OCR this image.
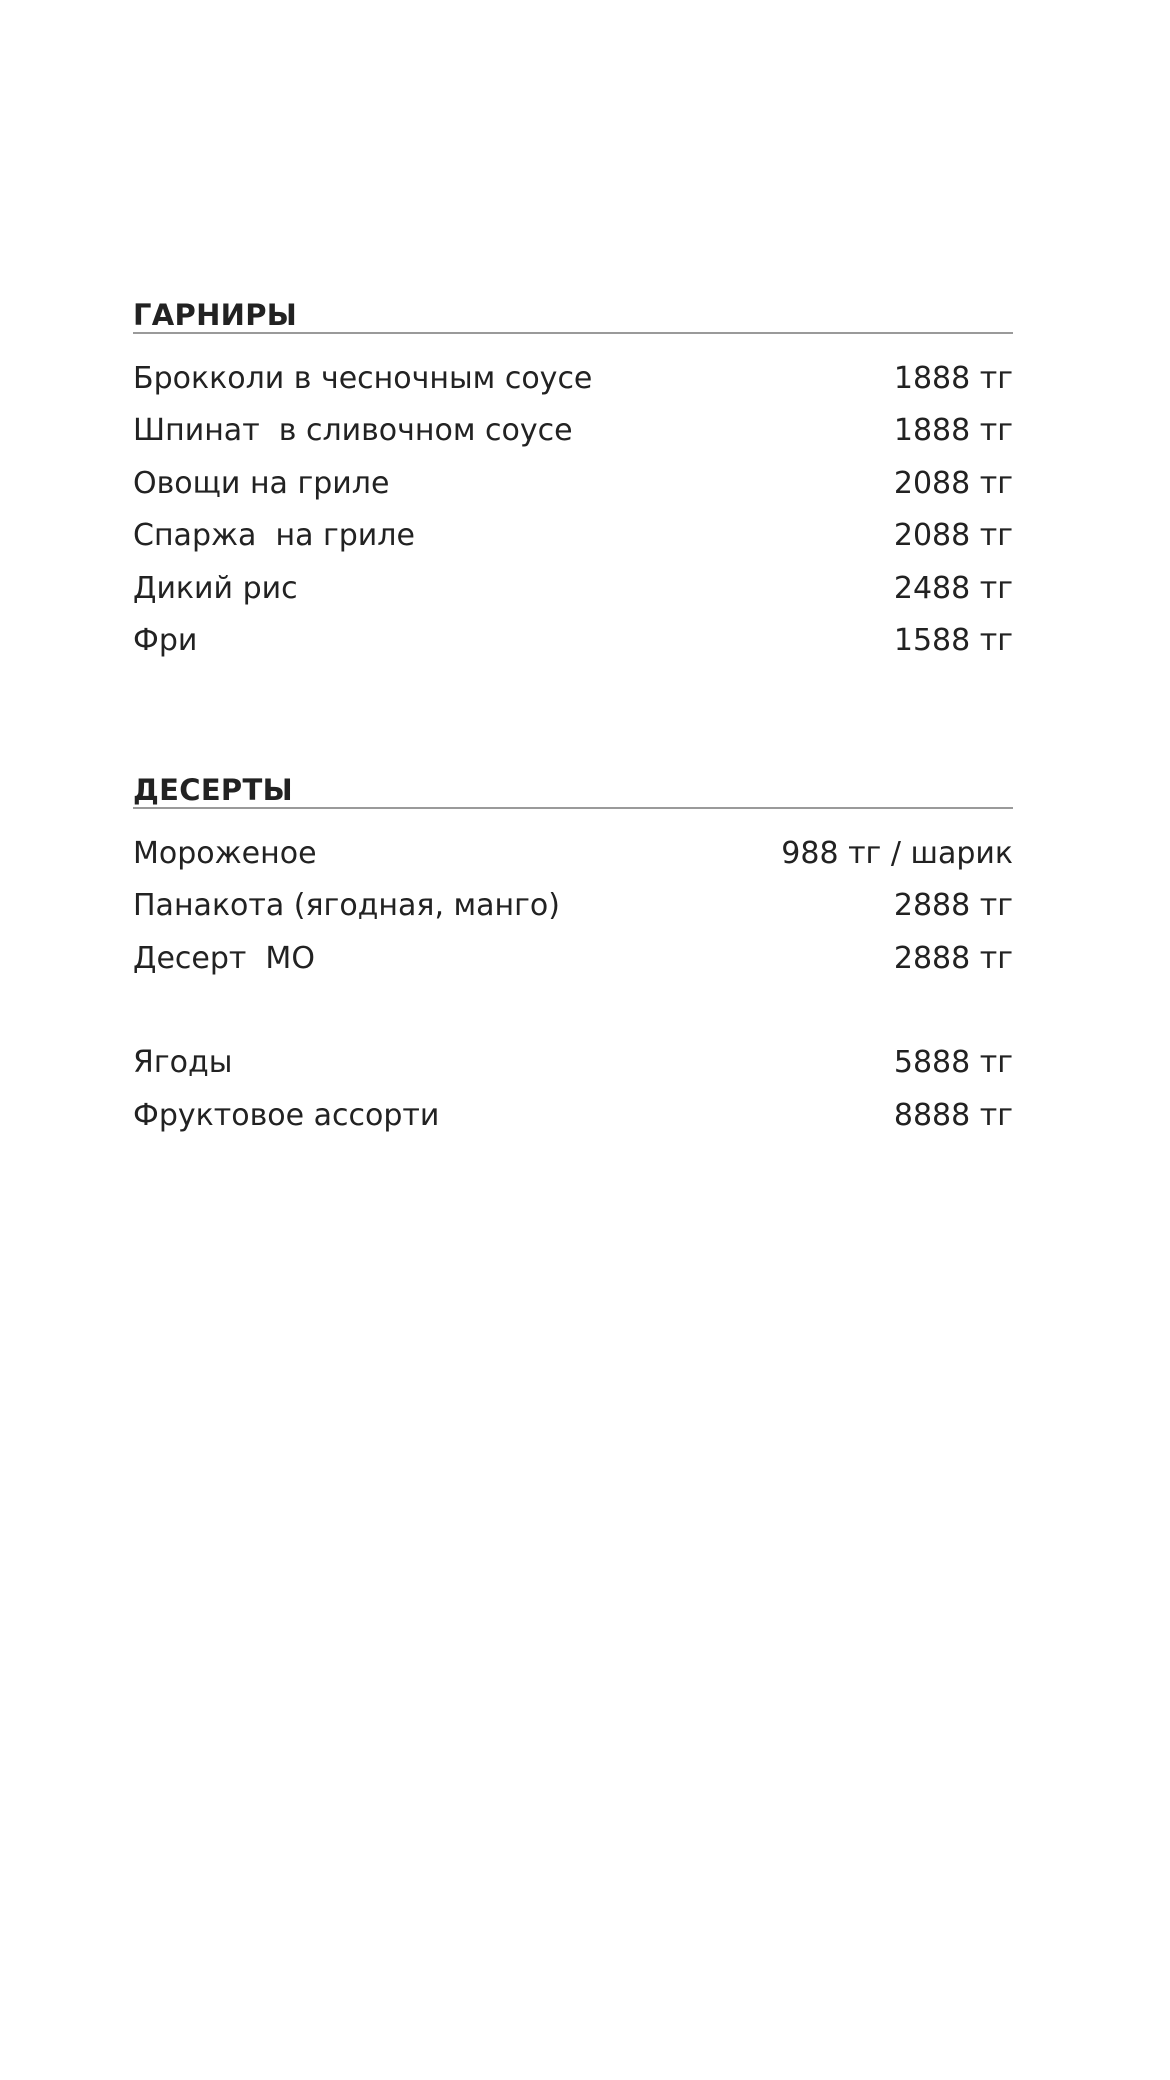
ГАРНИРЫ
Брокколи в чесночным соусе	1888 тг
Шпинат  в сливочном соусе	1888 тг
Овощи на гриле	2088 тг
Спаржа  на гриле	2088 тг
Дикий рис	2488 тг
Фри	1588 тг
ДЕСЕРТЫ
Мороженое	988 тг / шарик
Панакота (ягодная, манго)	2888 тг
Десерт  МО	2888 тг
Ягоды	5888 тг
Фруктовое ассорти	8888 тг
